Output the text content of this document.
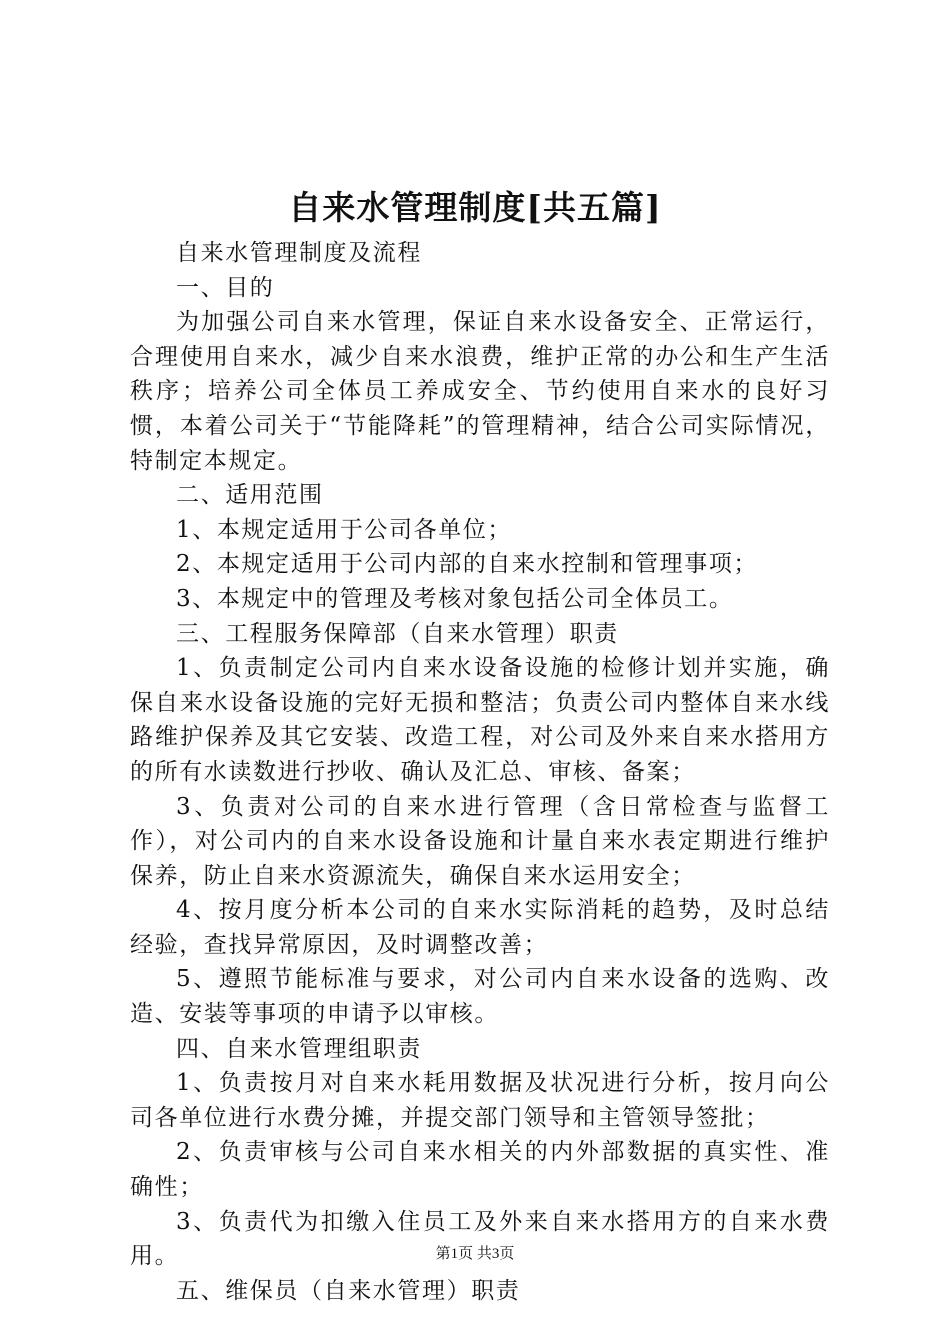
自来水管理制度[共五篇]

自来水管理制度及流程

一、目的

为加强公司自来水管理，保证自来水设备安全、正常运行，合理使用自来水，减少自来水浪费，维护正常的办公和生产生活秩序；培养公司全体员工养成安全、节约使用自来水的良好习惯，本着公司关于“节能降耗”的管理精神，结合公司实际情况，特制定本规定。

二、适用范围

1、本规定适用于公司各单位；

2、本规定适用于公司内部的自来水控制和管理事项；

3、本规定中的管理及考核对象包括公司全体员工。

三、工程服务保障部（自来水管理）职责

1、负责制定公司内自来水设备设施的检修计划并实施，确保自来水设备设施的完好无损和整洁；负责公司内整体自来水线路维护保养及其它安装、改造工程，对公司及外来自来水搭用方的所有水读数进行抄收、确认及汇总、审核、备案；

3、负责对公司的自来水进行管理（含日常检查与监督工作），对公司内的自来水设备设施和计量自来水表定期进行维护保养，防止自来水资源流失，确保自来水运用安全；

4、按月度分析本公司的自来水实际消耗的趋势，及时总结经验，查找异常原因，及时调整改善；

5、遵照节能标准与要求，对公司内自来水设备的选购、改造、安装等事项的申请予以审核。

四、自来水管理组职责

1、负责按月对自来水耗用数据及状况进行分析，按月向公司各单位进行水费分摊，并提交部门领导和主管领导签批；

2、负责审核与公司自来水相关的内外部数据的真实性、准确性；

3、负责代为扣缴入住员工及外来自来水搭用方的自来水费用。

五、维保员（自来水管理）职责

第1页 共3页
